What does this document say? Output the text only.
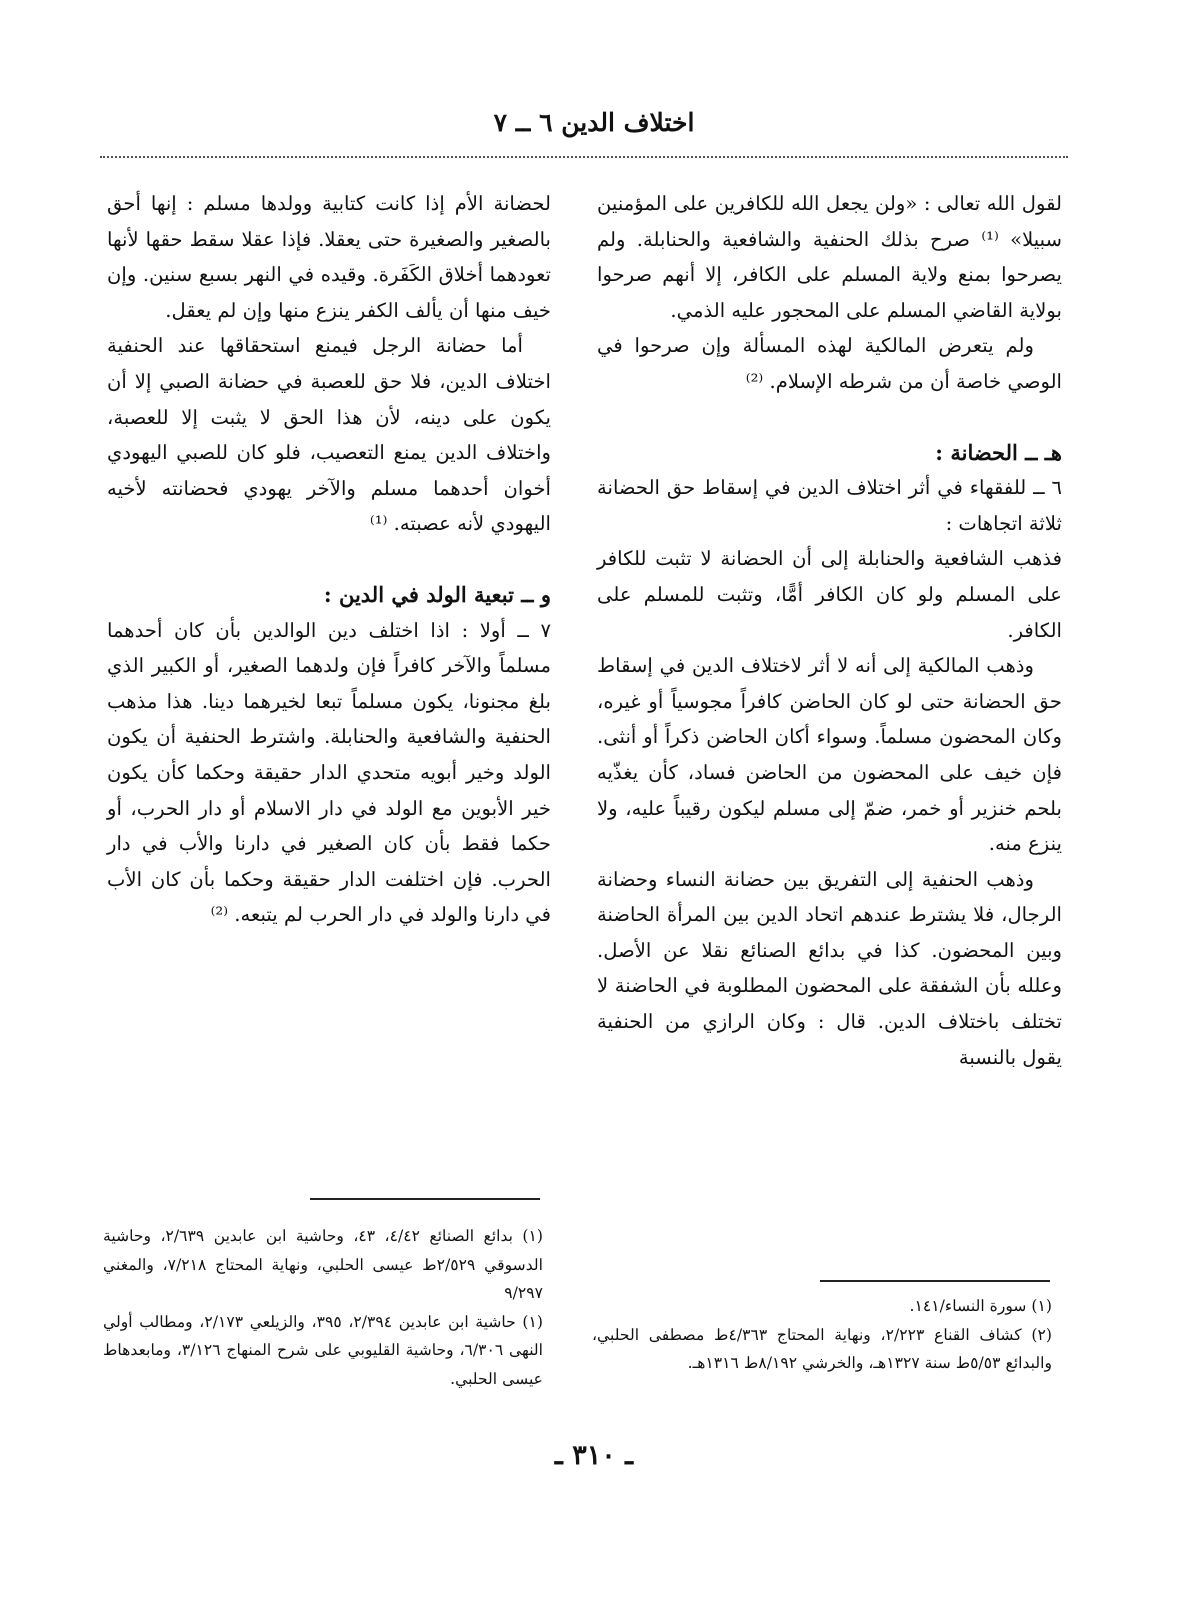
اختلاف الدين ٦ ــ ٧

لقول الله تعالى : «ولن يجعل الله للكافرين على المؤمنين سبيلا» ⁽¹⁾ صرح بذلك الحنفية والشافعية والحنابلة. ولم يصرحوا بمنع ولاية المسلم على الكافر، إلا أنهم صرحوا بولاية القاضي المسلم على المحجور عليه الذمي.

ولم يتعرض المالكية لهذه المسألة وإن صرحوا في الوصي خاصة أن من شرطه الإسلام. ⁽²⁾

هـ ــ الحضانة :

٦ ــ للفقهاء في أثر اختلاف الدين في إسقاط حق الحضانة ثلاثة اتجاهات :

فذهب الشافعية والحنابلة إلى أن الحضانة لا تثبت للكافر على المسلم ولو كان الكافر أمًّا، وتثبت للمسلم على الكافر.

وذهب المالكية إلى أنه لا أثر لاختلاف الدين في إسقاط حق الحضانة حتى لو كان الحاضن كافراً مجوسياً أو غيره، وكان المحضون مسلماً. وسواء أكان الحاضن ذكراً أو أنثى. فإن خيف على المحضون من الحاضن فساد، كأن يغذّيه بلحم خنزير أو خمر، ضمّ إلى مسلم ليكون رقيباً عليه، ولا ينزع منه.

وذهب الحنفية إلى التفريق بين حضانة النساء وحضانة الرجال، فلا يشترط عندهم اتحاد الدين بين المرأة الحاضنة وبين المحضون. كذا في بدائع الصنائع نقلا عن الأصل. وعلله بأن الشفقة على المحضون المطلوبة في الحاضنة لا تختلف باختلاف الدين. قال : وكان الرازي من الحنفية يقول بالنسبة

لحضانة الأم إذا كانت كتابية وولدها مسلم : إنها أحق بالصغير والصغيرة حتى يعقلا. فإذا عقلا سقط حقها لأنها تعودهما أخلاق الكَفَرة. وقيده في النهر بسبع سنين. وإن خيف منها أن يألف الكفر ينزع منها وإن لم يعقل.

أما حضانة الرجل فيمنع استحقاقها عند الحنفية اختلاف الدين، فلا حق للعصبة في حضانة الصبي إلا أن يكون على دينه، لأن هذا الحق لا يثبت إلا للعصبة، واختلاف الدين يمنع التعصيب، فلو كان للصبي اليهودي أخوان أحدهما مسلم والآخر يهودي فحضانته لأخيه اليهودي لأنه عصبته. ⁽¹⁾

و ــ تبعية الولد في الدين :

٧ ــ أولا : اذا اختلف دين الوالدين بأن كان أحدهما مسلماً والآخر كافراً فإن ولدهما الصغير، أو الكبير الذي بلغ مجنونا، يكون مسلماً تبعا لخيرهما دينا. هذا مذهب الحنفية والشافعية والحنابلة. واشترط الحنفية أن يكون الولد وخير أبويه متحدي الدار حقيقة وحكما كأن يكون خير الأبوين مع الولد في دار الاسلام أو دار الحرب، أو حكما فقط بأن كان الصغير في دارنا والأب في دار الحرب. فإن اختلفت الدار حقيقة وحكما بأن كان الأب في دارنا والولد في دار الحرب لم يتبعه. ⁽²⁾

(١) بدائع الصنائع ٤/٤٢، ٤٣، وحاشية ابن عابدين ٢/٦٣٩، وحاشية الدسوقي ٢/٥٢٩ط عيسى الحلبي، ونهاية المحتاج ٧/٢١٨، والمغني ٩/٢٩٧

(١) حاشية ابن عابدين ٢/٣٩٤، ٣٩٥، والزيلعي ٢/١٧٣، ومطالب أولي النهى ٦/٣٠٦، وحاشية القليوبي على شرح المنهاج ٣/١٢٦، ومابعدهاط عيسى الحلبي.

(١) سورة النساء/١٤١.

(٢) كشاف القناع ٢/٢٢٣، ونهاية المحتاج ٤/٣٦٣ط مصطفى الحلبي، والبدائع ٥/٥٣ط سنة ١٣٢٧هـ، والخرشي ٨/١٩٢ط ١٣١٦هـ.

ـ ٣١٠ ـ
